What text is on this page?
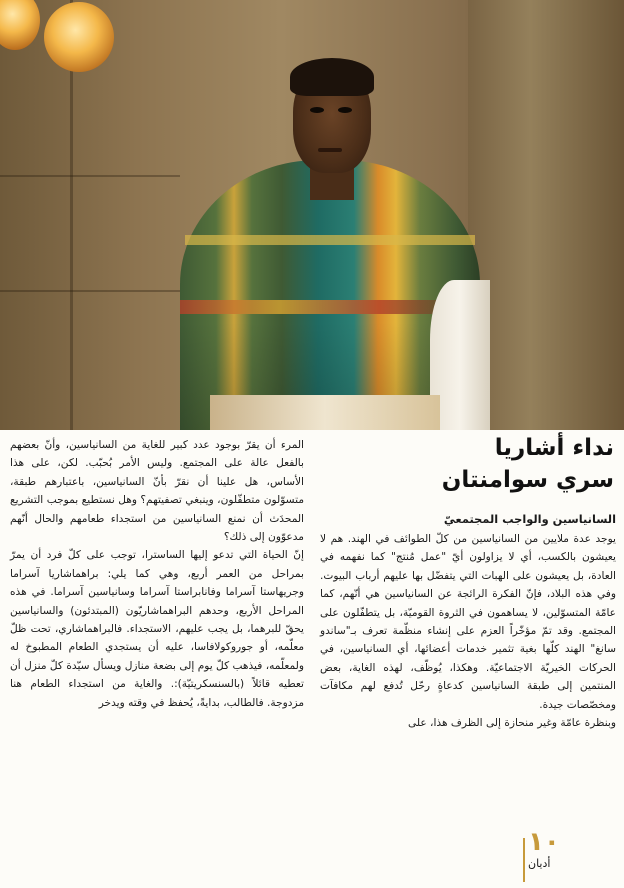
نداء أشاريا
سري سوامنتان
السانياسين والواجب المجتمعيّ

يوجد عدة ملايين من السانياسين من كلّ الطوائف في الهند. هم لا يعيشون بالكسب، أي لا يزاولون أيّ "عمل مُنتج" كما نفهمه في العادة، بل يعيشون على الهبات التي يتفضّل بها عليهم أرباب البيوت. وفي هذه البلاد، فإنّ الفكرة الرائجة عن السانياسين هي أنّهم، كما عامّة المتسوّلين، لا يساهمون في الثروة القوميّة، بل يتطفّلون على المجتمع. وقد تمّ مؤخّراً العزم على إنشاء منظّمة تعرف بـ"ساندو سانغ" الهند كلّها بغية تثمير خدمات أعضائها، أي السانياسين، في الحركات الخيريّة الاجتماعيّة. وهكذا، يُوظّف، لهذه الغاية، بعض المنتمين إلى طبقة السانياسين كدعاةٍ رحّل تُدفع لهم مكافآت ومخصّصات جيدة.

وبنظرة عامّة وغير منحازة إلى الظرف هذا، على

المرء أن يقرّ بوجود عدد كبير للغاية من السانياسين، وأنّ بعضهم بالفعل عالة على المجتمع. وليس الأمر بُحبّب. لكن، على هذا الأساس، هل علينا أن نقرّ بأنّ السانياسين، باعتبارهم طبقة، متسوّلون متطفّلون، وينبغي تصفيتهم؟ وهل نستطيع بموجب التشريع المحدَث أن نمنع السانياسين من استجداء طعامهم والحال أنّهم مدعوّون إلى ذلك؟

إنّ الحياة التي تدعو إليها الساسترا، توجب على كلّ فرد أن يمرّ بمراحل من العمر أربع، وهي كما يلي: براهماشاريا آسراما وجريهاستا آسراما وفانابراستا آسراما وسانياسين آسراما. في هذه المراحل الأربع، وحدهم البراهماشاريّون (المبتدئون) والسانياسين يحقّ للبرهما، بل يجب عليهم، الاستجداء. فالبراهماشاري، تحت ظلّ معلّمه، أو جوروكولافاسا، عليه أن يستجدي الطعام المطبوخ له ولمعلّمه، فيذهب كلّ يوم إلى بضعة منازل ويسأل سيّدة كلّ منزل أن تعطيه قائلاً (بالسنسكريتيّة):. والغاية من استجداء الطعام هنا مزدوجة. فالطالب، بدايةً، يُحفظ في وقته ويدخر

١٠
أديان
